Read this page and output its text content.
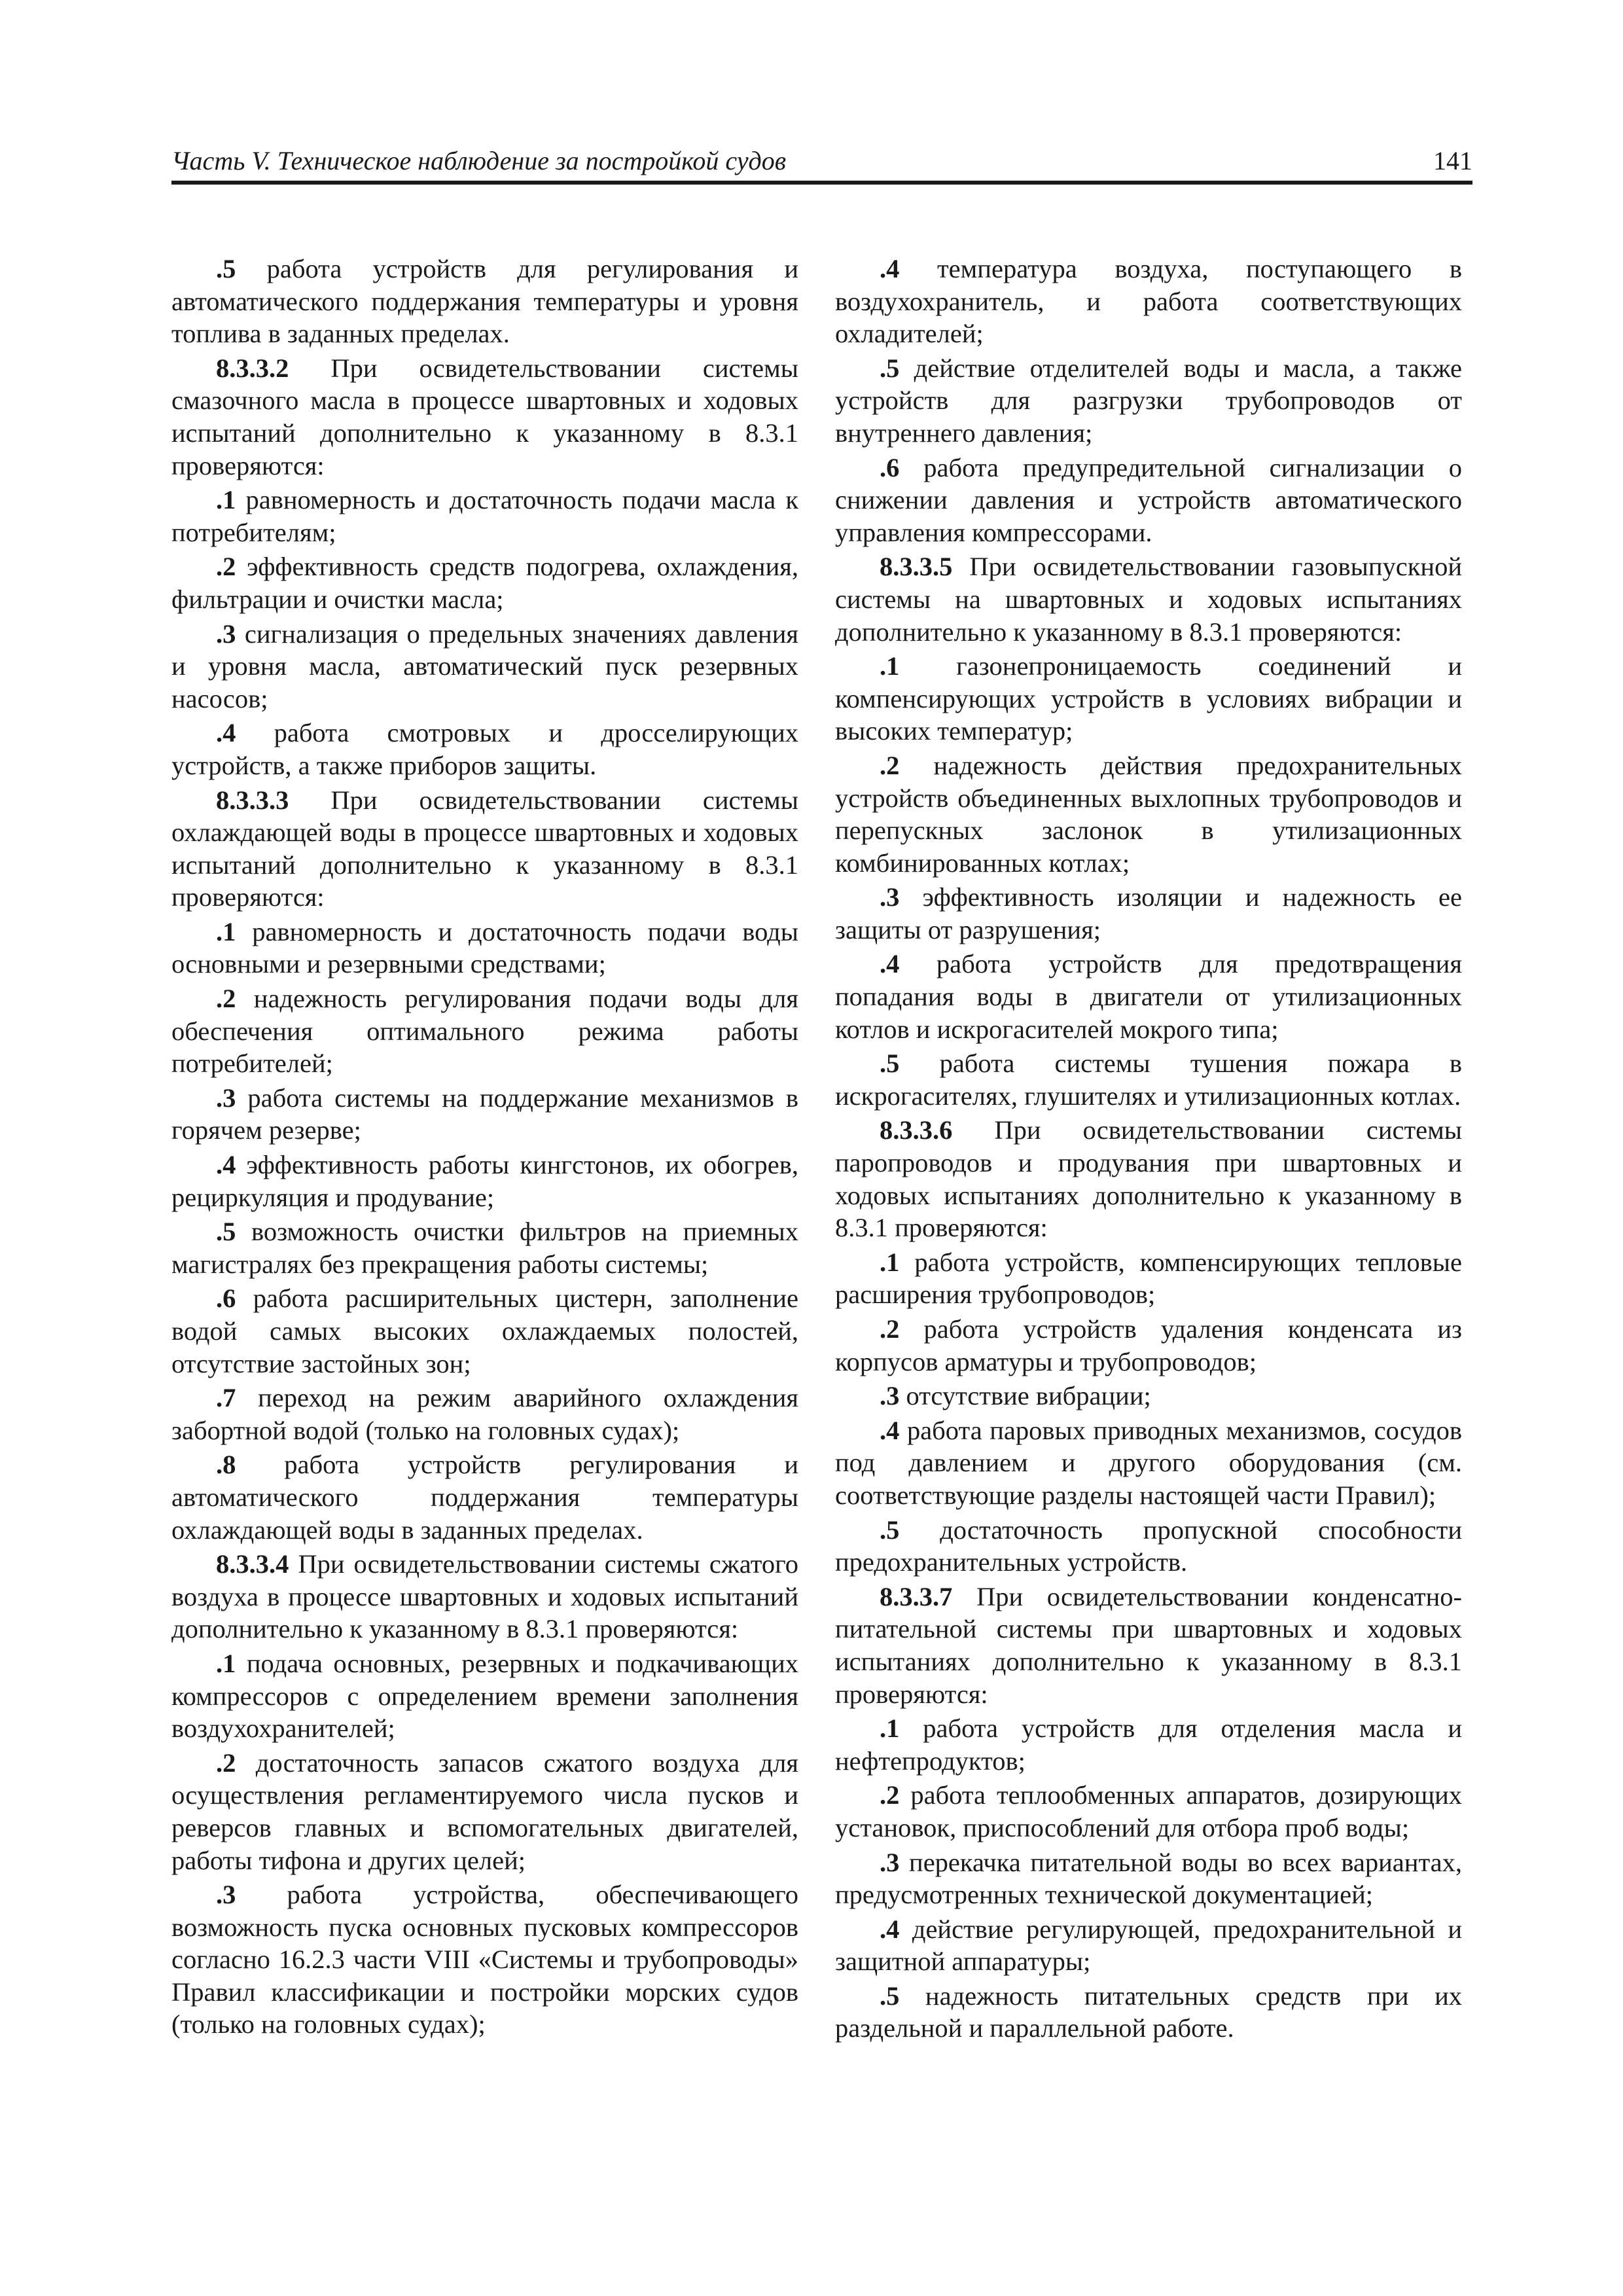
Часть V. Техническое наблюдение за постройкой судов	141

.5 работа устройств для регулирования и автоматического поддержания температуры и уровня топлива в заданных пределах.

8.3.3.2 При освидетельствовании системы смазочного масла в процессе швартовных и ходовых испытаний дополнительно к указанному в 8.3.1 проверяются:

.1 равномерность и достаточность подачи масла к потребителям;

.2 эффективность средств подогрева, охлаждения, фильтрации и очистки масла;

.3 сигнализация о предельных значениях давления и уровня масла, автоматический пуск резервных насосов;

.4 работа смотровых и дросселирующих устройств, а также приборов защиты.

8.3.3.3 При освидетельствовании системы охлаждающей воды в процессе швартовных и ходовых испытаний дополнительно к указанному в 8.3.1 проверяются:

.1 равномерность и достаточность подачи воды основными и резервными средствами;

.2 надежность регулирования подачи воды для обеспечения оптимального режима работы потребителей;

.3 работа системы на поддержание механизмов в горячем резерве;

.4 эффективность работы кингстонов, их обогрев, рециркуляция и продувание;

.5 возможность очистки фильтров на приемных магистралях без прекращения работы системы;

.6 работа расширительных цистерн, заполнение водой самых высоких охлаждаемых полостей, отсутствие застойных зон;

.7 переход на режим аварийного охлаждения забортной водой (только на головных судах);

.8 работа устройств регулирования и автоматического поддержания температуры охлаждающей воды в заданных пределах.

8.3.3.4 При освидетельствовании системы сжатого воздуха в процессе швартовных и ходовых испытаний дополнительно к указанному в 8.3.1 проверяются:

.1 подача основных, резервных и подкачивающих компрессоров с определением времени заполнения воздухохранителей;

.2 достаточность запасов сжатого воздуха для осуществления регламентируемого числа пусков и реверсов главных и вспомогательных двигателей, работы тифона и других целей;

.3 работа устройства, обеспечивающего возможность пуска основных пусковых компрессоров согласно 16.2.3 части VIII «Системы и трубопроводы» Правил классификации и постройки морских судов (только на головных судах);

.4 температура воздуха, поступающего в воздухохранитель, и работа соответствующих охладителей;

.5 действие отделителей воды и масла, а также устройств для разгрузки трубопроводов от внутреннего давления;

.6 работа предупредительной сигнализации о снижении давления и устройств автоматического управления компрессорами.

8.3.3.5 При освидетельствовании газовыпускной системы на швартовных и ходовых испытаниях дополнительно к указанному в 8.3.1 проверяются:

.1 газонепроницаемость соединений и компенсирующих устройств в условиях вибрации и высоких температур;

.2 надежность действия предохранительных устройств объединенных выхлопных трубопроводов и перепускных заслонок в утилизационных комбинированных котлах;

.3 эффективность изоляции и надежность ее защиты от разрушения;

.4 работа устройств для предотвращения попадания воды в двигатели от утилизационных котлов и искрогасителей мокрого типа;

.5 работа системы тушения пожара в искрогасителях, глушителях и утилизационных котлах.

8.3.3.6 При освидетельствовании системы паропроводов и продувания при швартовных и ходовых испытаниях дополнительно к указанному в 8.3.1 проверяются:

.1 работа устройств, компенсирующих тепловые расширения трубопроводов;

.2 работа устройств удаления конденсата из корпусов арматуры и трубопроводов;

.3 отсутствие вибрации;

.4 работа паровых приводных механизмов, сосудов под давлением и другого оборудования (см. соответствующие разделы настоящей части Правил);

.5 достаточность пропускной способности предохранительных устройств.

8.3.3.7 При освидетельствовании конденсатно-питательной системы при швартовных и ходовых испытаниях дополнительно к указанному в 8.3.1 проверяются:

.1 работа устройств для отделения масла и нефтепродуктов;

.2 работа теплообменных аппаратов, дозирующих установок, приспособлений для отбора проб воды;

.3 перекачка питательной воды во всех вариантах, предусмотренных технической документацией;

.4 действие регулирующей, предохранительной и защитной аппаратуры;

.5 надежность питательных средств при их раздельной и параллельной работе.
